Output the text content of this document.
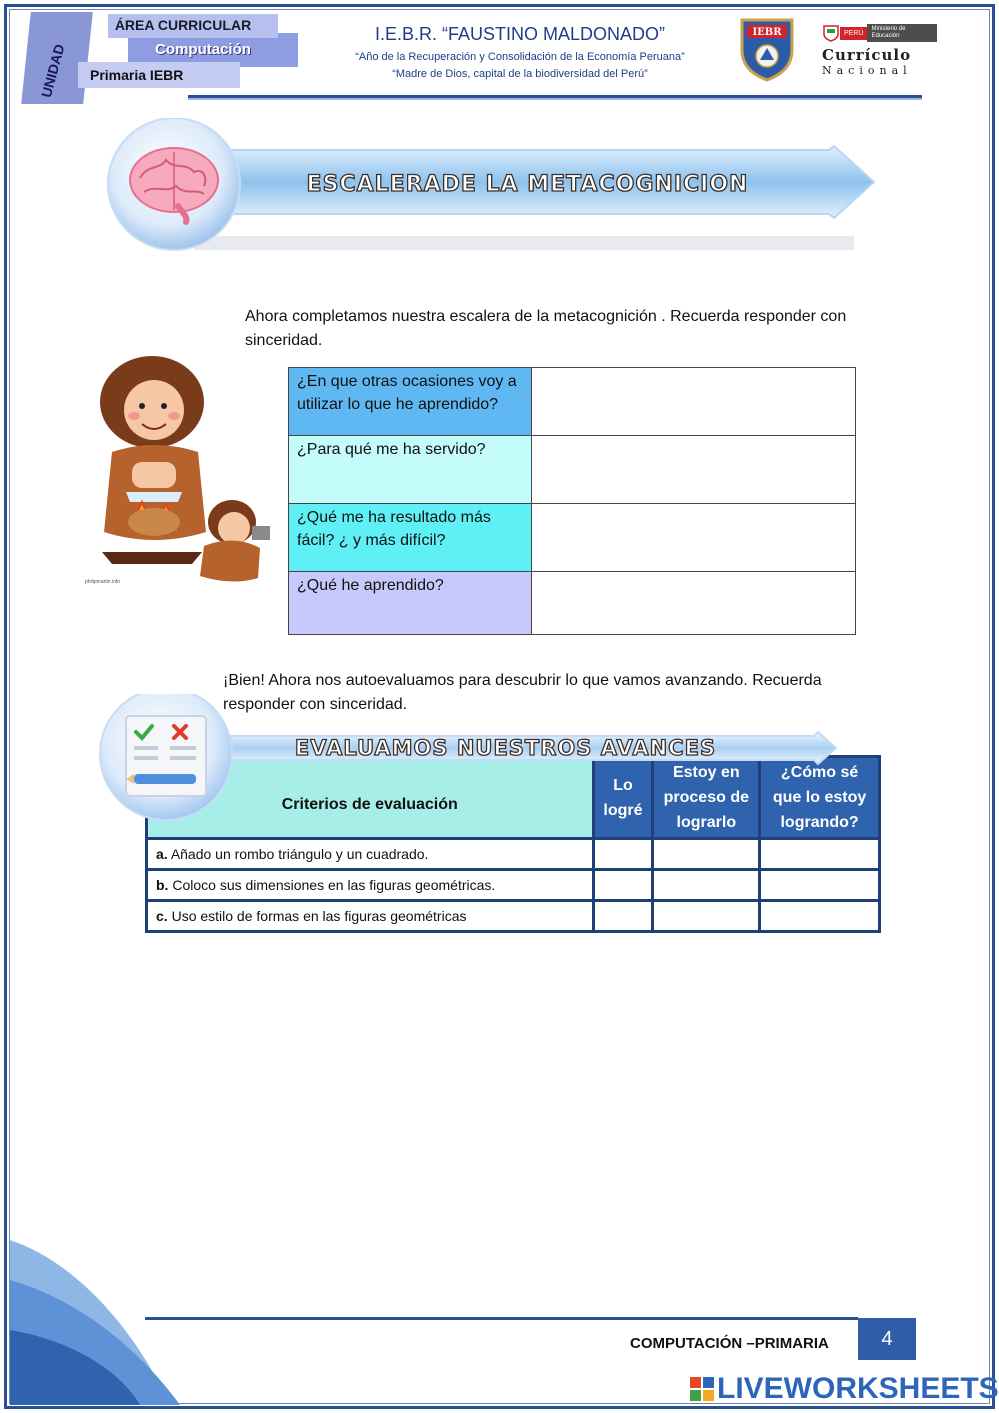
UNIDAD
ÁREA CURRICULAR
Computación
Primaria IEBR
I.E.B.R. “FAUSTINO MALDONADO”
“Año de la Recuperación y Consolidación de la Economía Peruana”
“Madre de Dios, capital de la biodiversidad del Perú”
IEBR	PERÚMinisterio de Educación
Currículo
Nacional
ESCALERADE LA METACOGNICION
Ahora completamos nuestra escalera de la metacognición . Recuerda responder con sinceridad.
philipmartin.info
¿En que otras ocasiones voy a utilizar lo que he aprendido?	
¿Para qué me ha servido?	
¿Qué me ha resultado más fácil? ¿ y más difícil?	
¿Qué he aprendido?	
¡Bien! Ahora nos autoevaluamos para descubrir lo que vamos avanzando. Recuerda responder con sinceridad.
Criterios de evaluación	Lo logré	Estoy en proceso de lograrlo	¿Cómo sé que lo estoy logrando?
a. Añado un rombo triángulo y un cuadrado.			
b. Coloco sus dimensiones en las figuras geométricas.			
c. Uso estilo de formas en las figuras geométricas			
EVALUAMOS NUESTROS AVANCES
COMPUTACIÓN –PRIMARIA	4
LIVEWORKSHEETS
